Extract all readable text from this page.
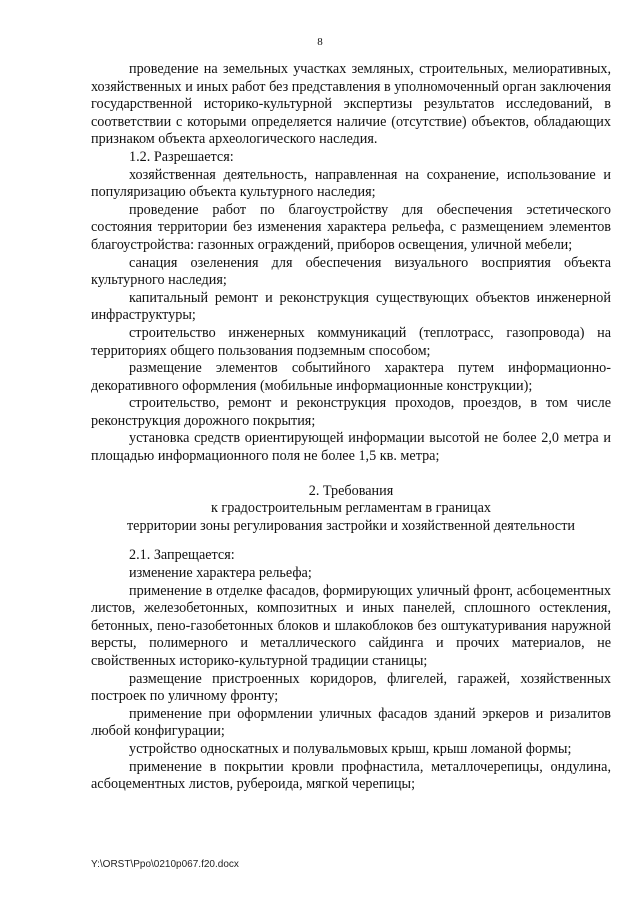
8

проведение на земельных участках земляных, строительных, мелиоративных, хозяйственных и иных работ без представления в уполномоченный орган заключения государственной историко-культурной экспертизы результатов исследований, в соответствии с которыми определяется наличие (отсутствие) объектов, обладающих признаком объекта археологического наследия.

1.2. Разрешается:

хозяйственная деятельность, направленная на сохранение, использование и популяризацию объекта культурного наследия;

проведение работ по благоустройству для обеспечения эстетического состояния территории без изменения характера рельефа, с размещением элементов благоустройства: газонных ограждений, приборов освещения, уличной мебели;

санация озеленения для обеспечения визуального восприятия объекта культурного наследия;

капитальный ремонт и реконструкция существующих объектов инженерной инфраструктуры;

строительство инженерных коммуникаций (теплотрасс, газопровода) на территориях общего пользования подземным способом;

размещение элементов событийного характера путем информационно-декоративного оформления (мобильные информационные конструкции);

строительство, ремонт и реконструкция проходов, проездов, в том числе реконструкция дорожного покрытия;

установка средств ориентирующей информации высотой не более 2,0 метра и площадью информационного поля не более 1,5 кв. метра;

2. Требования
к градостроительным регламентам в границах
территории зоны регулирования застройки и хозяйственной деятельности

2.1. Запрещается:

изменение характера рельефа;

применение в отделке фасадов, формирующих уличный фронт, асбоцементных листов, железобетонных, композитных и иных панелей, сплошного остекления, бетонных, пено-газобетонных блоков и шлакоблоков без оштукатуривания наружной версты, полимерного и металлического сайдинга и прочих материалов, не свойственных историко-культурной традиции станицы;

размещение пристроенных коридоров, флигелей, гаражей, хозяйственных построек по уличному фронту;

применение при оформлении уличных фасадов зданий эркеров и ризалитов любой конфигурации;

устройство односкатных и полувальмовых крыш, крыш ломаной формы;

применение в покрытии кровли профнастила, металлочерепицы, ондулина, асбоцементных листов, рубероида, мягкой черепицы;

Y:\ORST\Ppo\0210p067.f20.docx
